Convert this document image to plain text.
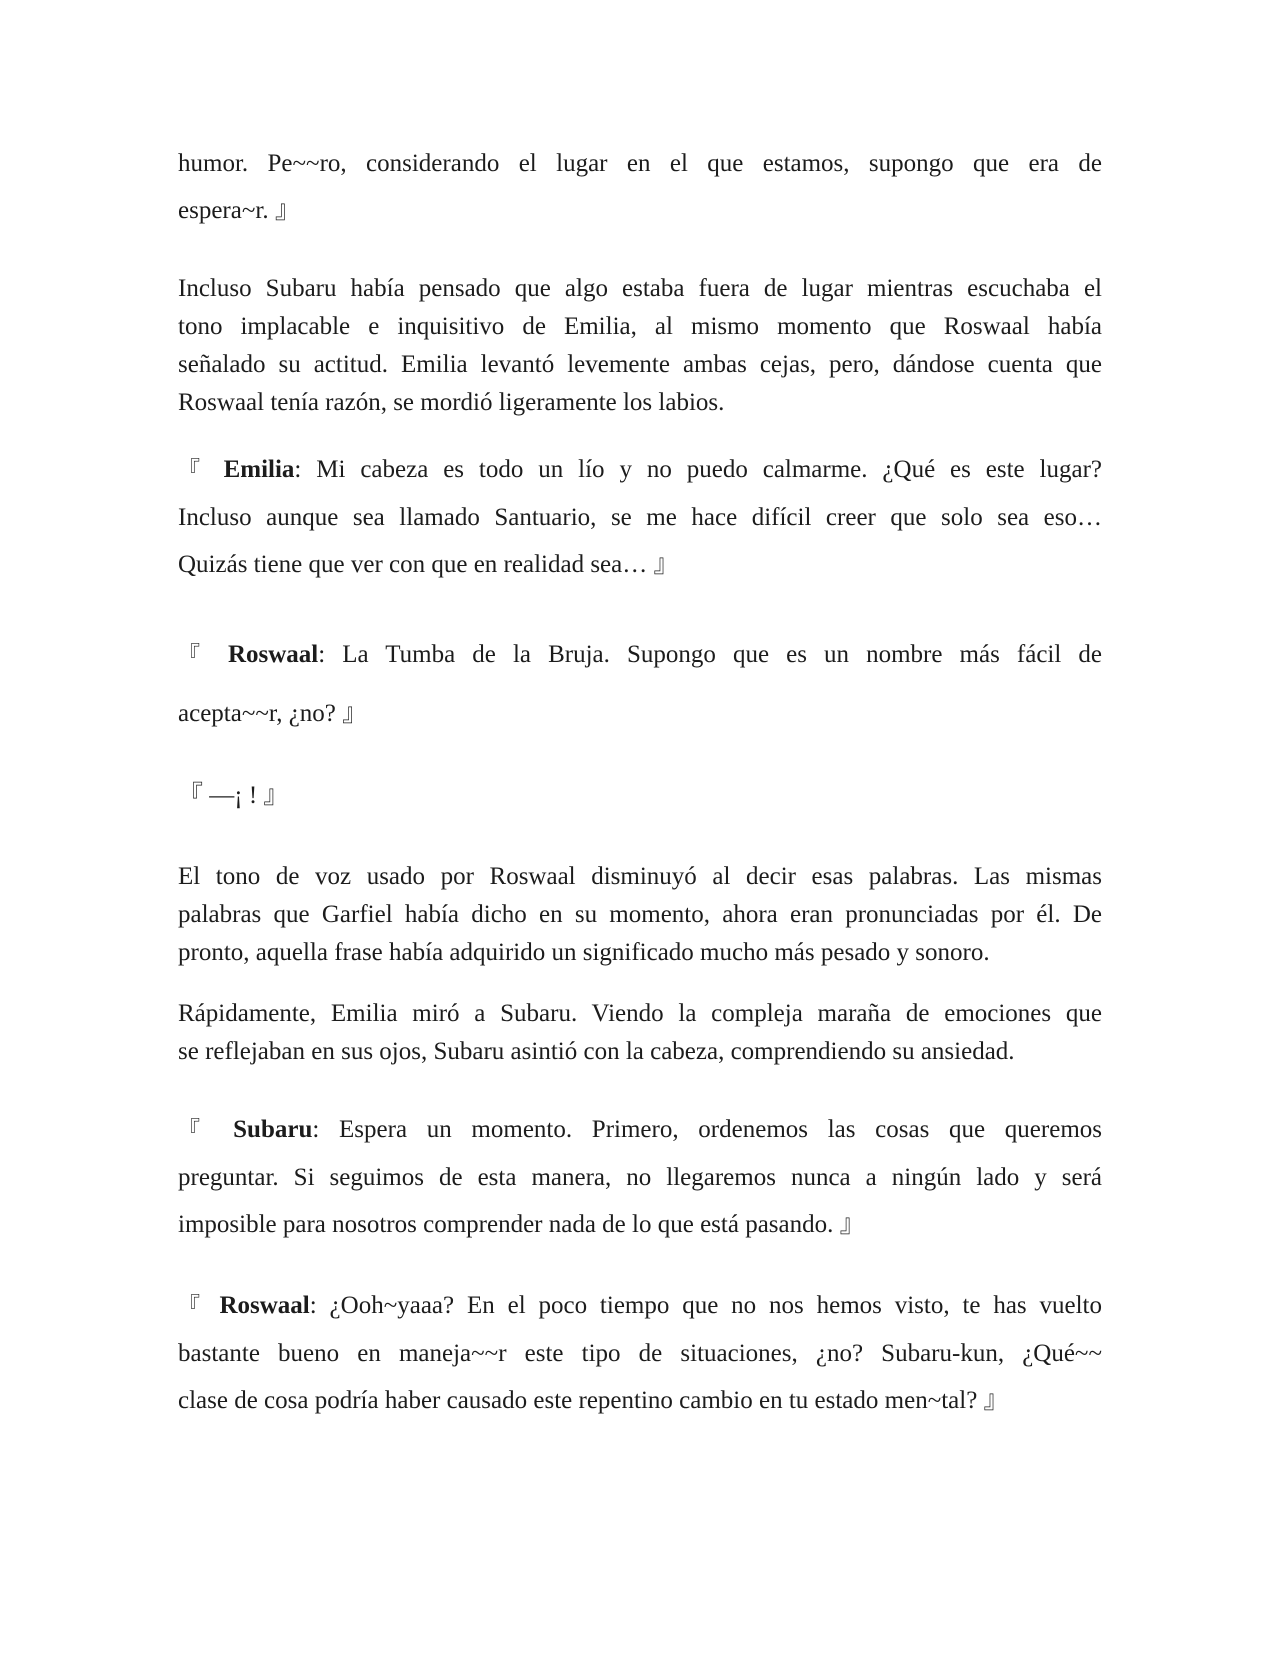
humor. Pe~~ro, considerando el lugar en el que estamos, supongo que era de
espera~r. 』

Incluso Subaru había pensado que algo estaba fuera de lugar mientras escuchaba el
tono implacable e inquisitivo de Emilia, al mismo momento que Roswaal había
señalado su actitud. Emilia levantó levemente ambas cejas, pero, dándose cuenta que
Roswaal tenía razón, se mordió ligeramente los labios.

『 Emilia: Mi cabeza es todo un lío y no puedo calmarme. ¿Qué es este lugar?
Incluso aunque sea llamado Santuario, se me hace difícil creer que solo sea eso…
Quizás tiene que ver con que en realidad sea… 』

『 Roswaal: La Tumba de la Bruja. Supongo que es un nombre más fácil de
acepta~~r, ¿no? 』

『 —¡ ! 』

El tono de voz usado por Roswaal disminuyó al decir esas palabras. Las mismas
palabras que Garfiel había dicho en su momento, ahora eran pronunciadas por él. De
pronto, aquella frase había adquirido un significado mucho más pesado y sonoro.

Rápidamente, Emilia miró a Subaru. Viendo la compleja maraña de emociones que
se reflejaban en sus ojos, Subaru asintió con la cabeza, comprendiendo su ansiedad.

『 Subaru: Espera un momento. Primero, ordenemos las cosas que queremos
preguntar. Si seguimos de esta manera, no llegaremos nunca a ningún lado y será
imposible para nosotros comprender nada de lo que está pasando. 』

『 Roswaal: ¿Ooh~yaaa? En el poco tiempo que no nos hemos visto, te has vuelto
bastante bueno en maneja~~r este tipo de situaciones, ¿no? Subaru-kun, ¿Qué~~
clase de cosa podría haber causado este repentino cambio en tu estado men~tal? 』
